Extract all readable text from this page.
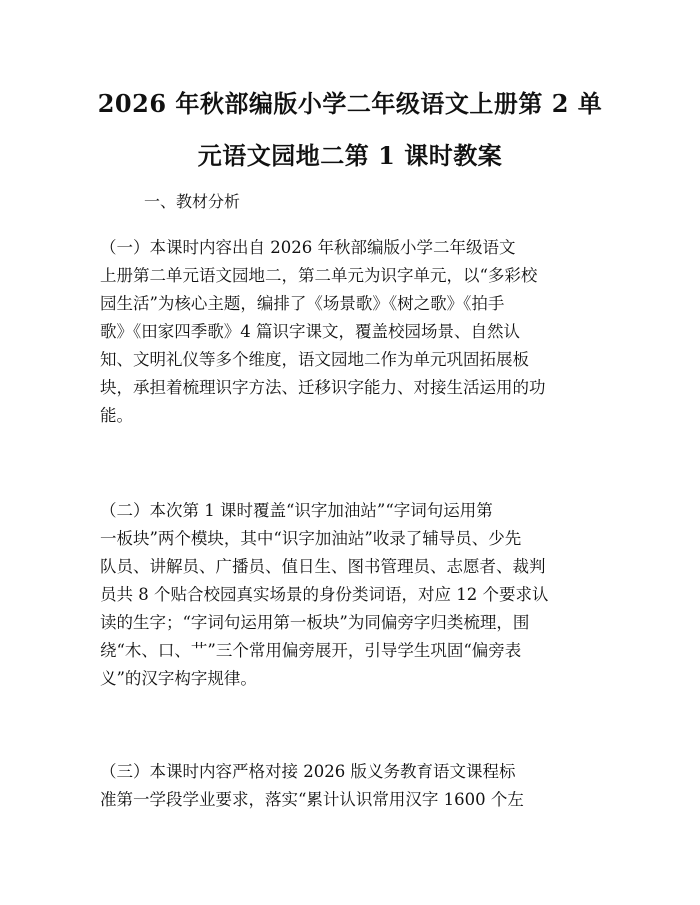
2026 年秋部编版小学二年级语文上册第 2 单
元语文园地二第 1 课时教案
一、教材分析
（一）本课时内容出自 2026 年秋部编版小学二年级语文
上册第二单元语文园地二，第二单元为识字单元，以“多彩校
园生活”为核心主题，编排了《场景歌》《树之歌》《拍手
歌》《田家四季歌》4 篇识字课文，覆盖校园场景、自然认
知、文明礼仪等多个维度，语文园地二作为单元巩固拓展板
块，承担着梳理识字方法、迁移识字能力、对接生活运用的功
能。
（二）本次第 1 课时覆盖“识字加油站”“字词句运用第
一板块”两个模块，其中“识字加油站”收录了辅导员、少先
队员、讲解员、广播员、值日生、图书管理员、志愿者、裁判
员共 8 个贴合校园真实场景的身份类词语，对应 12 个要求认
读的生字；“字词句运用第一板块”为同偏旁字归类梳理，围
绕“木、口、艹”三个常用偏旁展开，引导学生巩固“偏旁表
义”的汉字构字规律。
（三）本课时内容严格对接 2026 版义务教育语文课程标
准第一学段学业要求，落实“累计认识常用汉字 1600 个左
